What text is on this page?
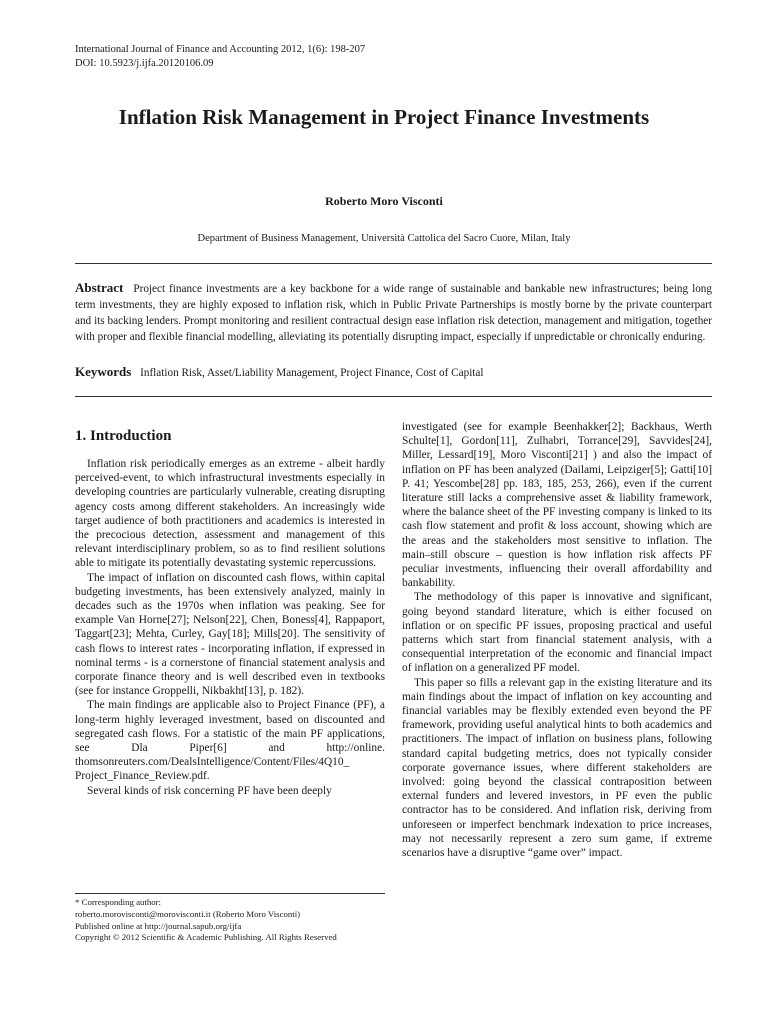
International Journal of Finance and Accounting 2012, 1(6): 198-207
DOI: 10.5923/j.ijfa.20120106.09
Inflation Risk Management in Project Finance Investments
Roberto Moro Visconti
Department of Business Management, Università Cattolica del Sacro Cuore, Milan, Italy
Abstract Project finance investments are a key backbone for a wide range of sustainable and bankable new infrastructures; being long term investments, they are highly exposed to inflation risk, which in Public Private Partnerships is mostly borne by the private counterpart and its backing lenders. Prompt monitoring and resilient contractual design ease inflation risk detection, management and mitigation, together with proper and flexible financial modelling, alleviating its potentially disrupting impact, especially if unpredictable or chronically enduring.
Keywords Inflation Risk, Asset/Liability Management, Project Finance, Cost of Capital
1. Introduction

Inflation risk periodically emerges as an extreme - albeit hardly perceived-event, to which infrastructural investments especially in developing countries are particularly vulnerable, creating disrupting agency costs among different stakeholders. An increasingly wide target audience of both practitioners and academics is interested in the precocious detection, assessment and management of this relevant interdisciplinary problem, so as to find resilient solutions able to mitigate its potentially devastating systemic repercussions.

The impact of inflation on discounted cash flows, within capital budgeting investments, has been extensively analyzed, mainly in decades such as the 1970s when inflation was peaking. See for example Van Horne[27]; Nelson[22], Chen, Boness[4], Rappaport, Taggart[23]; Mehta, Curley, Gay[18]; Mills[20]. The sensitivity of cash flows to interest rates - incorporating inflation, if expressed in nominal terms - is a cornerstone of financial statement analysis and corporate finance theory and is well described even in textbooks (see for instance Groppelli, Nikbakht[13], p. 182).

The main findings are applicable also to Project Finance (PF), a long-term highly leveraged investment, based on discounted and segregated cash flows. For a statistic of the main PF applications, see Dla Piper[6] and http://online. thomsonreuters.com/DealsIntelligence/Content/Files/4Q10_ Project_Finance_Review.pdf.

Several kinds of risk concerning PF have been deeply

investigated (see for example Beenhakker[2]; Backhaus, Werth Schulte[1], Gordon[11], Zulhabri, Torrance[29], Savvides[24], Miller, Lessard[19], Moro Visconti[21] ) and also the impact of inflation on PF has been analyzed (Dailami, Leipziger[5]; Gatti[10] P. 41; Yescombe[28] pp. 183, 185, 253, 266), even if the current literature still lacks a comprehensive asset & liability framework, where the balance sheet of the PF investing company is linked to its cash flow statement and profit & loss account, showing which are the areas and the stakeholders most sensitive to inflation. The main–still obscure – question is how inflation risk affects PF peculiar investments, influencing their overall affordability and bankability.

The methodology of this paper is innovative and significant, going beyond standard literature, which is either focused on inflation or on specific PF issues, proposing practical and useful patterns which start from financial statement analysis, with a consequential interpretation of the economic and financial impact of inflation on a generalized PF model.

This paper so fills a relevant gap in the existing literature and its main findings about the impact of inflation on key accounting and financial variables may be flexibly extended even beyond the PF framework, providing useful analytical hints to both academics and practitioners. The impact of inflation on business plans, following standard capital budgeting metrics, does not typically consider corporate governance issues, where different stakeholders are involved: going beyond the classical contraposition between external funders and levered investors, in PF even the public contractor has to be considered. And inflation risk, deriving from unforeseen or imperfect benchmark indexation to price increases, may not necessarily represent a zero sum game, if extreme scenarios have a disruptive “game over” impact.

* Corresponding author:
roberto.morovisconti@morovisconti.it (Roberto Moro Visconti)
Published online at http://journal.sapub.org/ijfa
Copyright © 2012 Scientific & Academic Publishing. All Rights Reserved
